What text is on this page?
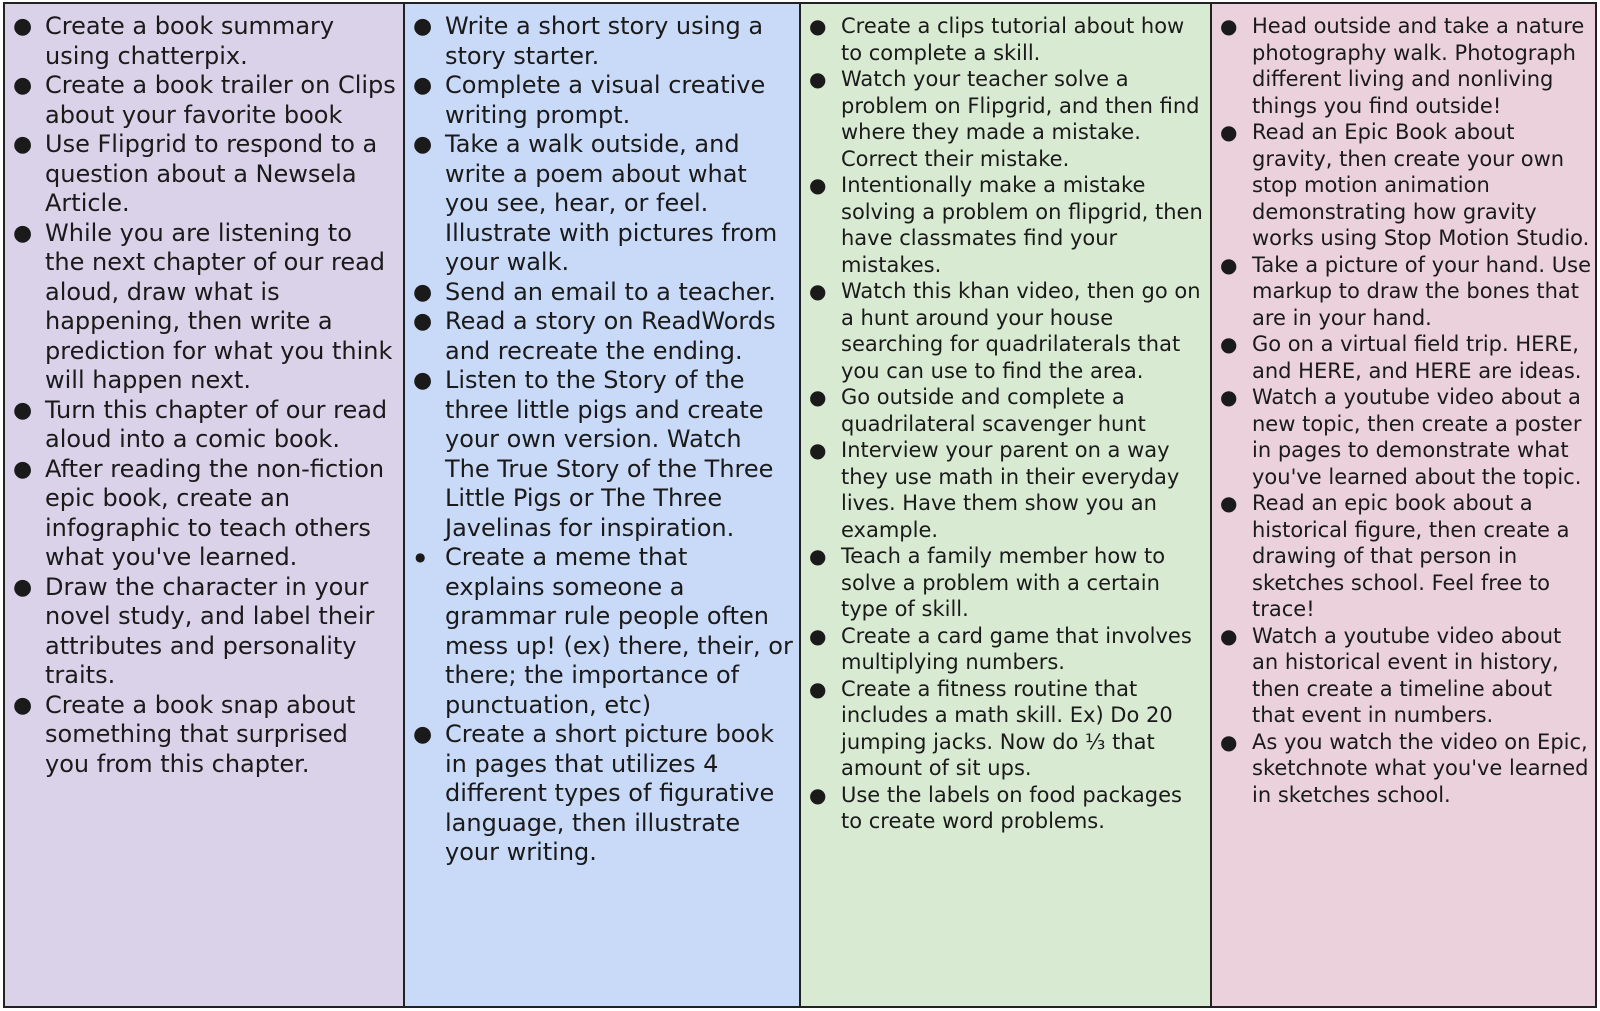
● Create a book summary using chatterpix.
● Create a book trailer on Clips about your favorite book
● Use Flipgrid to respond to a question about a Newsela Article.
● While you are listening to the next chapter of our read aloud, draw what is happening, then write a prediction for what you think will happen next.
● Turn this chapter of our read aloud into a comic book.
● After reading the non-fiction epic book, create an infographic to teach others what you've learned.
● Draw the character in your novel study, and label their attributes and personality traits.
● Create a book snap about something that surprised you from this chapter.
● Write a short story using a story starter.
● Complete a visual creative writing prompt.
● Take a walk outside, and write a poem about what you see, hear, or feel. Illustrate with pictures from your walk.
● Send an email to a teacher.
● Read a story on ReadWords and recreate the ending.
● Listen to the Story of the three little pigs and create your own version. Watch The True Story of the Three Little Pigs or The Three Javelinas for inspiration.
● Create a meme that explains someone a grammar rule people often mess up! (ex) there, their, or there; the importance of punctuation, etc)
● Create a short picture book in pages that utilizes 4 different types of figurative language, then illustrate your writing.
● Create a clips tutorial about how to complete a skill.
● Watch your teacher solve a problem on Flipgrid, and then find where they made a mistake. Correct their mistake.
● Intentionally make a mistake solving a problem on flipgrid, then have classmates find your mistakes.
● Watch this khan video, then go on a hunt around your house searching for quadrilaterals that you can use to find the area.
● Go outside and complete a quadrilateral scavenger hunt
● Interview your parent on a way they use math in their everyday lives. Have them show you an example.
● Teach a family member how to solve a problem with a certain type of skill.
● Create a card game that involves multiplying numbers.
● Create a fitness routine that includes a math skill. Ex) Do 20 jumping jacks. Now do ⅓ that amount of sit ups.
● Use the labels on food packages to create word problems.
● Head outside and take a nature photography walk. Photograph different living and nonliving things you find outside!
● Read an Epic Book about gravity, then create your own stop motion animation demonstrating how gravity works using Stop Motion Studio.
● Take a picture of your hand. Use markup to draw the bones that are in your hand.
● Go on a virtual field trip. HERE, and HERE, and HERE are ideas.
● Watch a youtube video about a new topic, then create a poster in pages to demonstrate what you've learned about the topic.
● Read an epic book about a historical figure, then create a drawing of that person in sketches school. Feel free to trace!
● Watch a youtube video about an historical event in history, then create a timeline about that event in numbers.
● As you watch the video on Epic, sketchnote what you've learned in sketches school.
